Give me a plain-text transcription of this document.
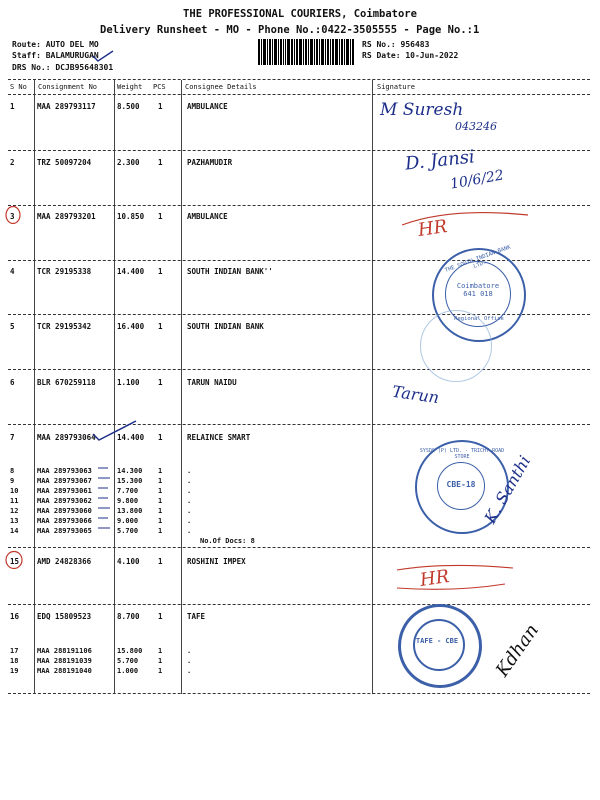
THE PROFESSIONAL COURIERS, Coimbatore
Delivery Runsheet - MO - Phone No.:0422-3505555 - Page No.:1
Route: AUTO DEL MO
Staff: BALAMURUGAN
DRS No.: DCJB95648301
RS No.: 956483
RS Date: 10-Jun-2022
S No Consignment No	Weight PCS	Consignee Details	Signature
1	MAA 289793117	8.500 1	AMBULANCE
2	TRZ 50097204	2.300 1	PAZHAMUDIR
3	MAA 289793201	10.850 1	AMBULANCE
4	TCR 29195338	14.400 1	SOUTH INDIAN BANK''
5	TCR 29195342	16.400 1	SOUTH INDIAN BANK
6	BLR 670259118	1.100 1	TARUN NAIDU
7	MAA 289793064	14.400 1	RELAINCE SMART
8	MAA 289793063	14.300 1	.
9	MAA 289793067	15.300 1	.
10	MAA 289793061	7.700	1	.
11	MAA 289793062	9.800	1	.
12	MAA 289793060	13.800 1	.
13	MAA 289793066	9.000	1	.
14	MAA 289793065	5.700	1	.
No.Of Docs: 8
15 AMD 24828366	4.100 1	ROSHINI IMPEX
16 EDQ 15809523	8.700 1	TAFE
17	MAA 288191106	15.800 1	.
18	MAA 288191039	5.700	1	.
19	MAA 288191040	1.000	1	.
M Suresh
043246
D. Jansi
10/6/22
HR
THE SOUTH INDIAN BANK LTD.
Coimbatore 641 018
Regional Office
Tarun
CBE-18
SYSDS (P) LTD. - TRICHY ROAD STORE K. Santhi
HR
TAFE - CBE	Kdhan
